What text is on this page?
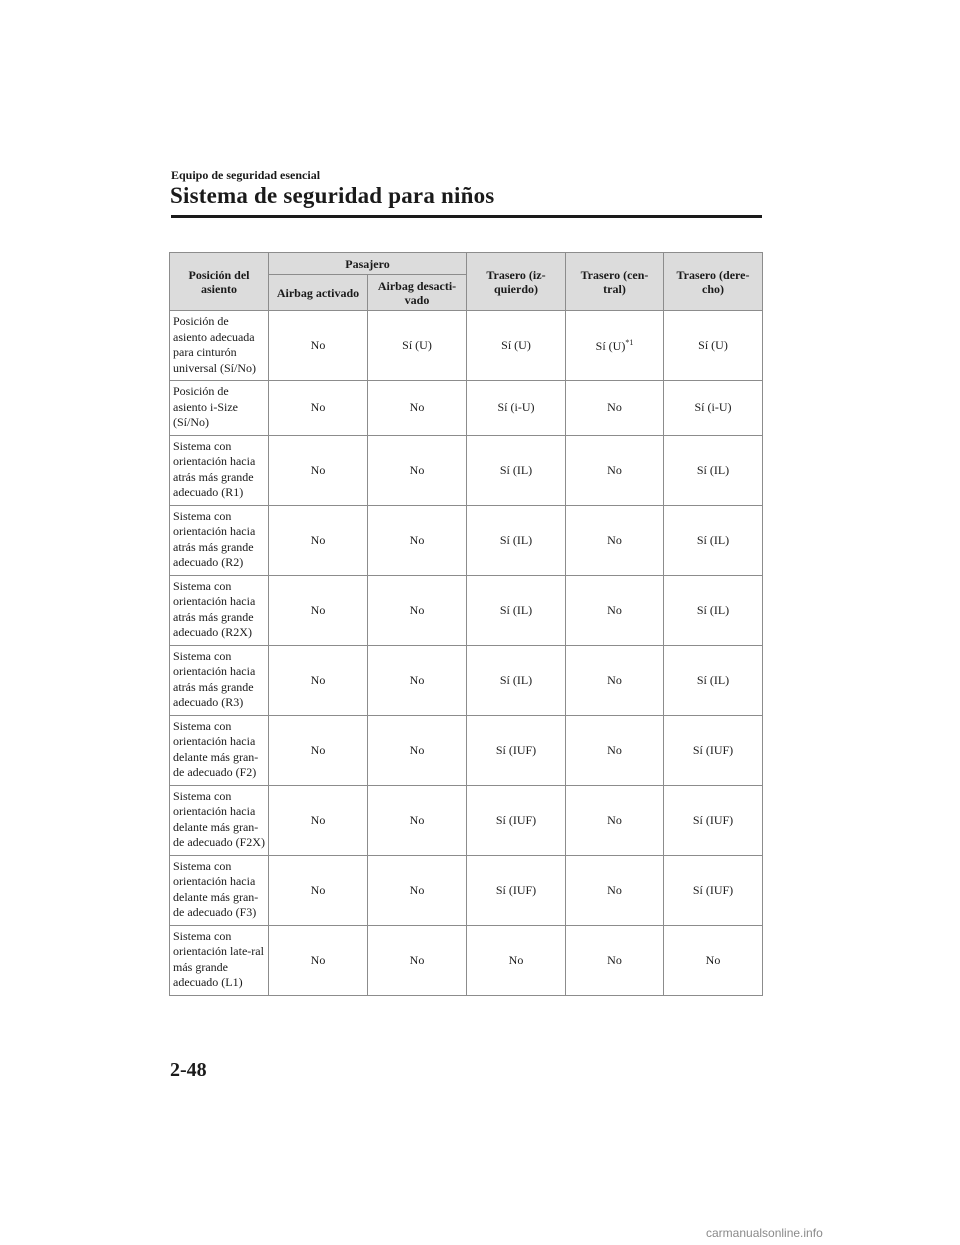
Equipo de seguridad esencial
Sistema de seguridad para niños
Posición del asiento	Pasajero		Trasero (iz-quierdo)	Trasero (cen-tral)	Trasero (dere-cho)

	Airbag activado	Airbag desacti-vado			

Posición de asiento adecuada para cinturón universal (Sí/No)	No	Sí (U)	Sí (U)	Sí $(U)^{*1}$	Sí (U)
Posición de asiento i-Size (Sí/No)	No	No	Sí (i-U)	No	Sí (i-U)
Sistema con orientación hacia atrás más grande adecuado (R1)	No	No	Sí (IL)	No	Sí (IL)
Sistema con orientación hacia atrás más grande adecuado (R2)	No	No	Sí (IL)	No	Sí (IL)
Sistema con orientación hacia atrás más grande adecuado (R2X)	No	No	Sí (IL)	No	Sí (IL)
Sistema con orientación hacia atrás más grande adecuado (R3)	No	No	Sí (IL)	No	Sí (IL)
Sistema con orientación hacia delante más gran-de adecuado (F2)	No	No	Sí (IUF)	No	Sí (IUF)
Sistema con orientación hacia delante más gran-de adecuado (F2X)	No	No	Sí (IUF)	No	Sí (IUF)
Sistema con orientación hacia delante más gran-de adecuado (F3)	No	No	Sí (IUF)	No	Sí (IUF)
Sistema con orientación late-ral más grande adecuado (L1)	No	No	No	No	No
2-48
carmanualsonline.info
